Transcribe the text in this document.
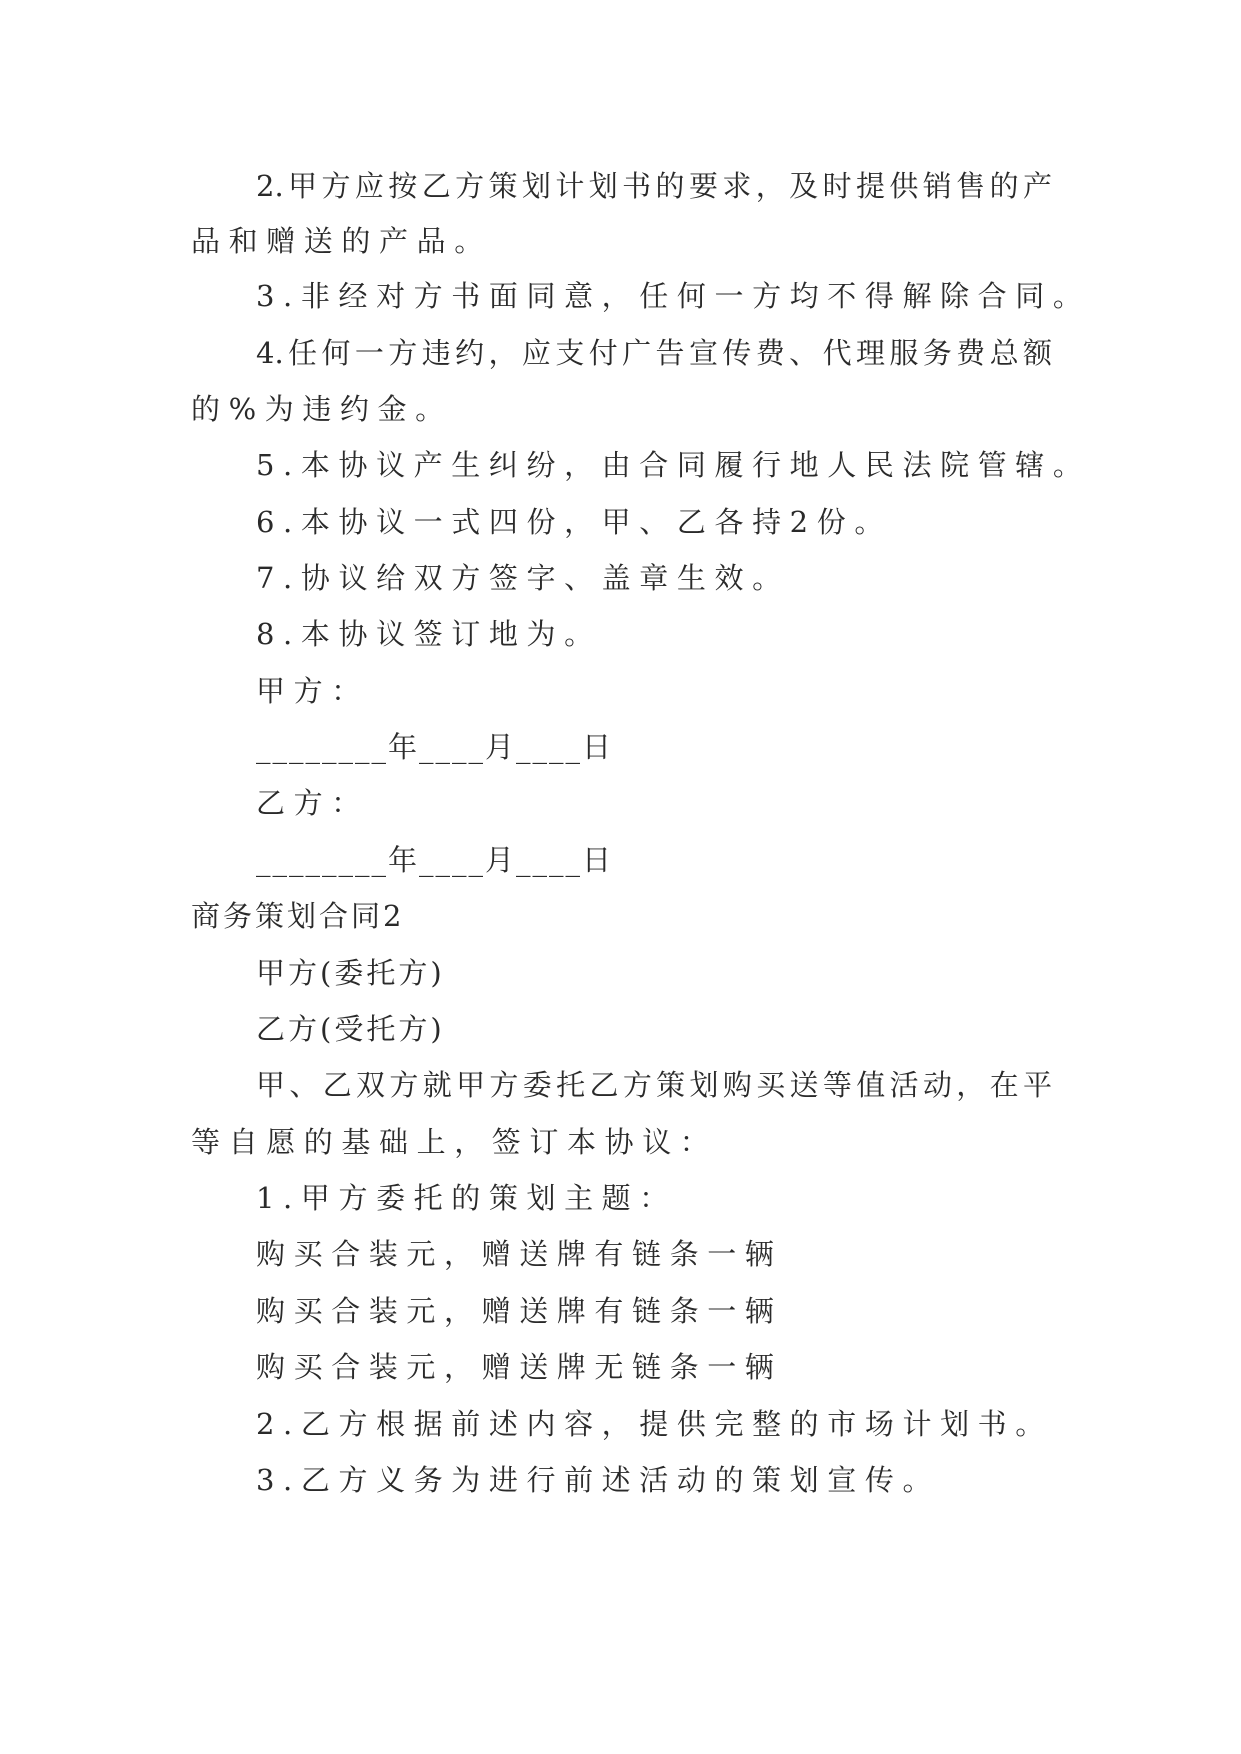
2.甲方应按乙方策划计划书的要求，及时提供销售的产
品和赠送的产品。
3.非经对方书面同意，任何一方均不得解除合同。
4.任何一方违约，应支付广告宣传费、代理服务费总额
的%为违约金。
5.本协议产生纠纷，由合同履行地人民法院管辖。
6.本协议一式四份，甲、乙各持2份。
7.协议给双方签字、盖章生效。
8.本协议签订地为。
甲方：
________年____月____日
乙方：
________年____月____日
商务策划合同2
甲方(委托方)
乙方(受托方)
甲、乙双方就甲方委托乙方策划购买送等值活动，在平
等自愿的基础上，签订本协议：
1.甲方委托的策划主题：
购买合装元，赠送牌有链条一辆
购买合装元，赠送牌有链条一辆
购买合装元，赠送牌无链条一辆
2.乙方根据前述内容，提供完整的市场计划书。
3.乙方义务为进行前述活动的策划宣传。
